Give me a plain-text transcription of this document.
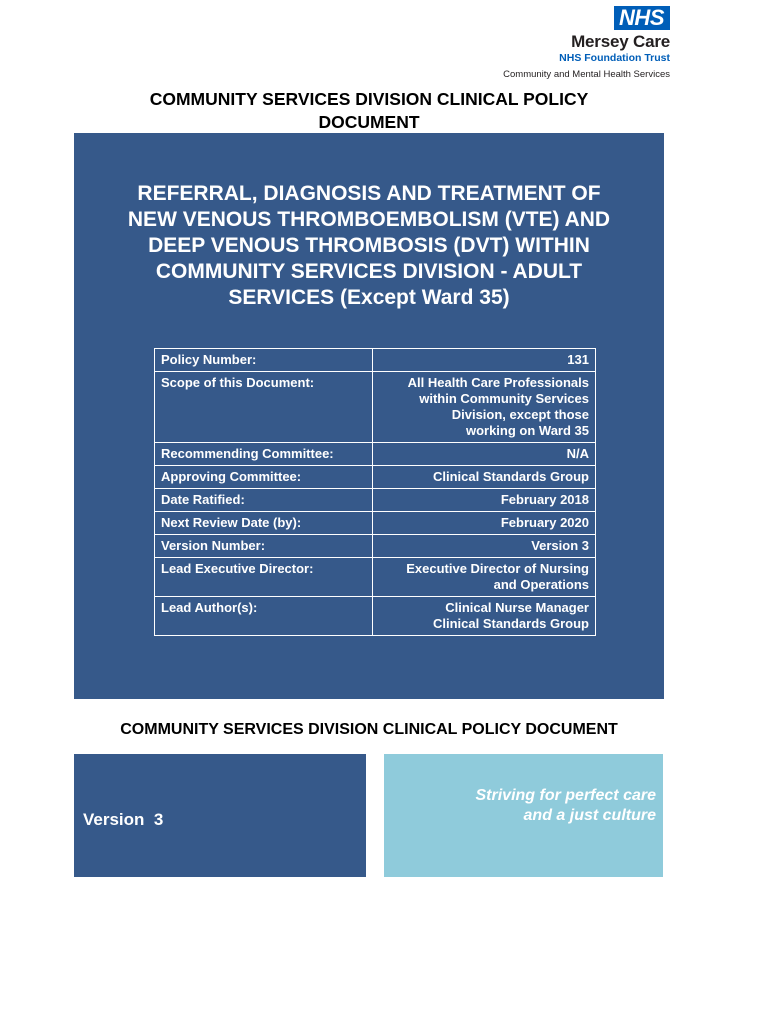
NHS
Mersey Care
NHS Foundation Trust
Community and Mental Health Services
COMMUNITY SERVICES DIVISION CLINICAL POLICY
DOCUMENT
REFERRAL, DIAGNOSIS AND TREATMENT OF
NEW VENOUS THROMBOEMBOLISM (VTE) AND
DEEP VENOUS THROMBOSIS (DVT) WITHIN
COMMUNITY SERVICES DIVISION - ADULT
SERVICES (Except Ward 35)
Policy Number:	131
Scope of this Document:	All Health Care Professionals
within Community Services
Division, except those
working on Ward 35
Recommending Committee:	N/A
Approving Committee:	Clinical Standards Group
Date Ratified:	February 2018
Next Review Date (by):	February 2020
Version Number:	Version 3
Lead Executive Director:	Executive Director of Nursing
and Operations
Lead Author(s):	Clinical Nurse Manager
Clinical Standards Group
COMMUNITY SERVICES DIVISION CLINICAL POLICY DOCUMENT
Version  3
Striving for perfect care
and a just culture
